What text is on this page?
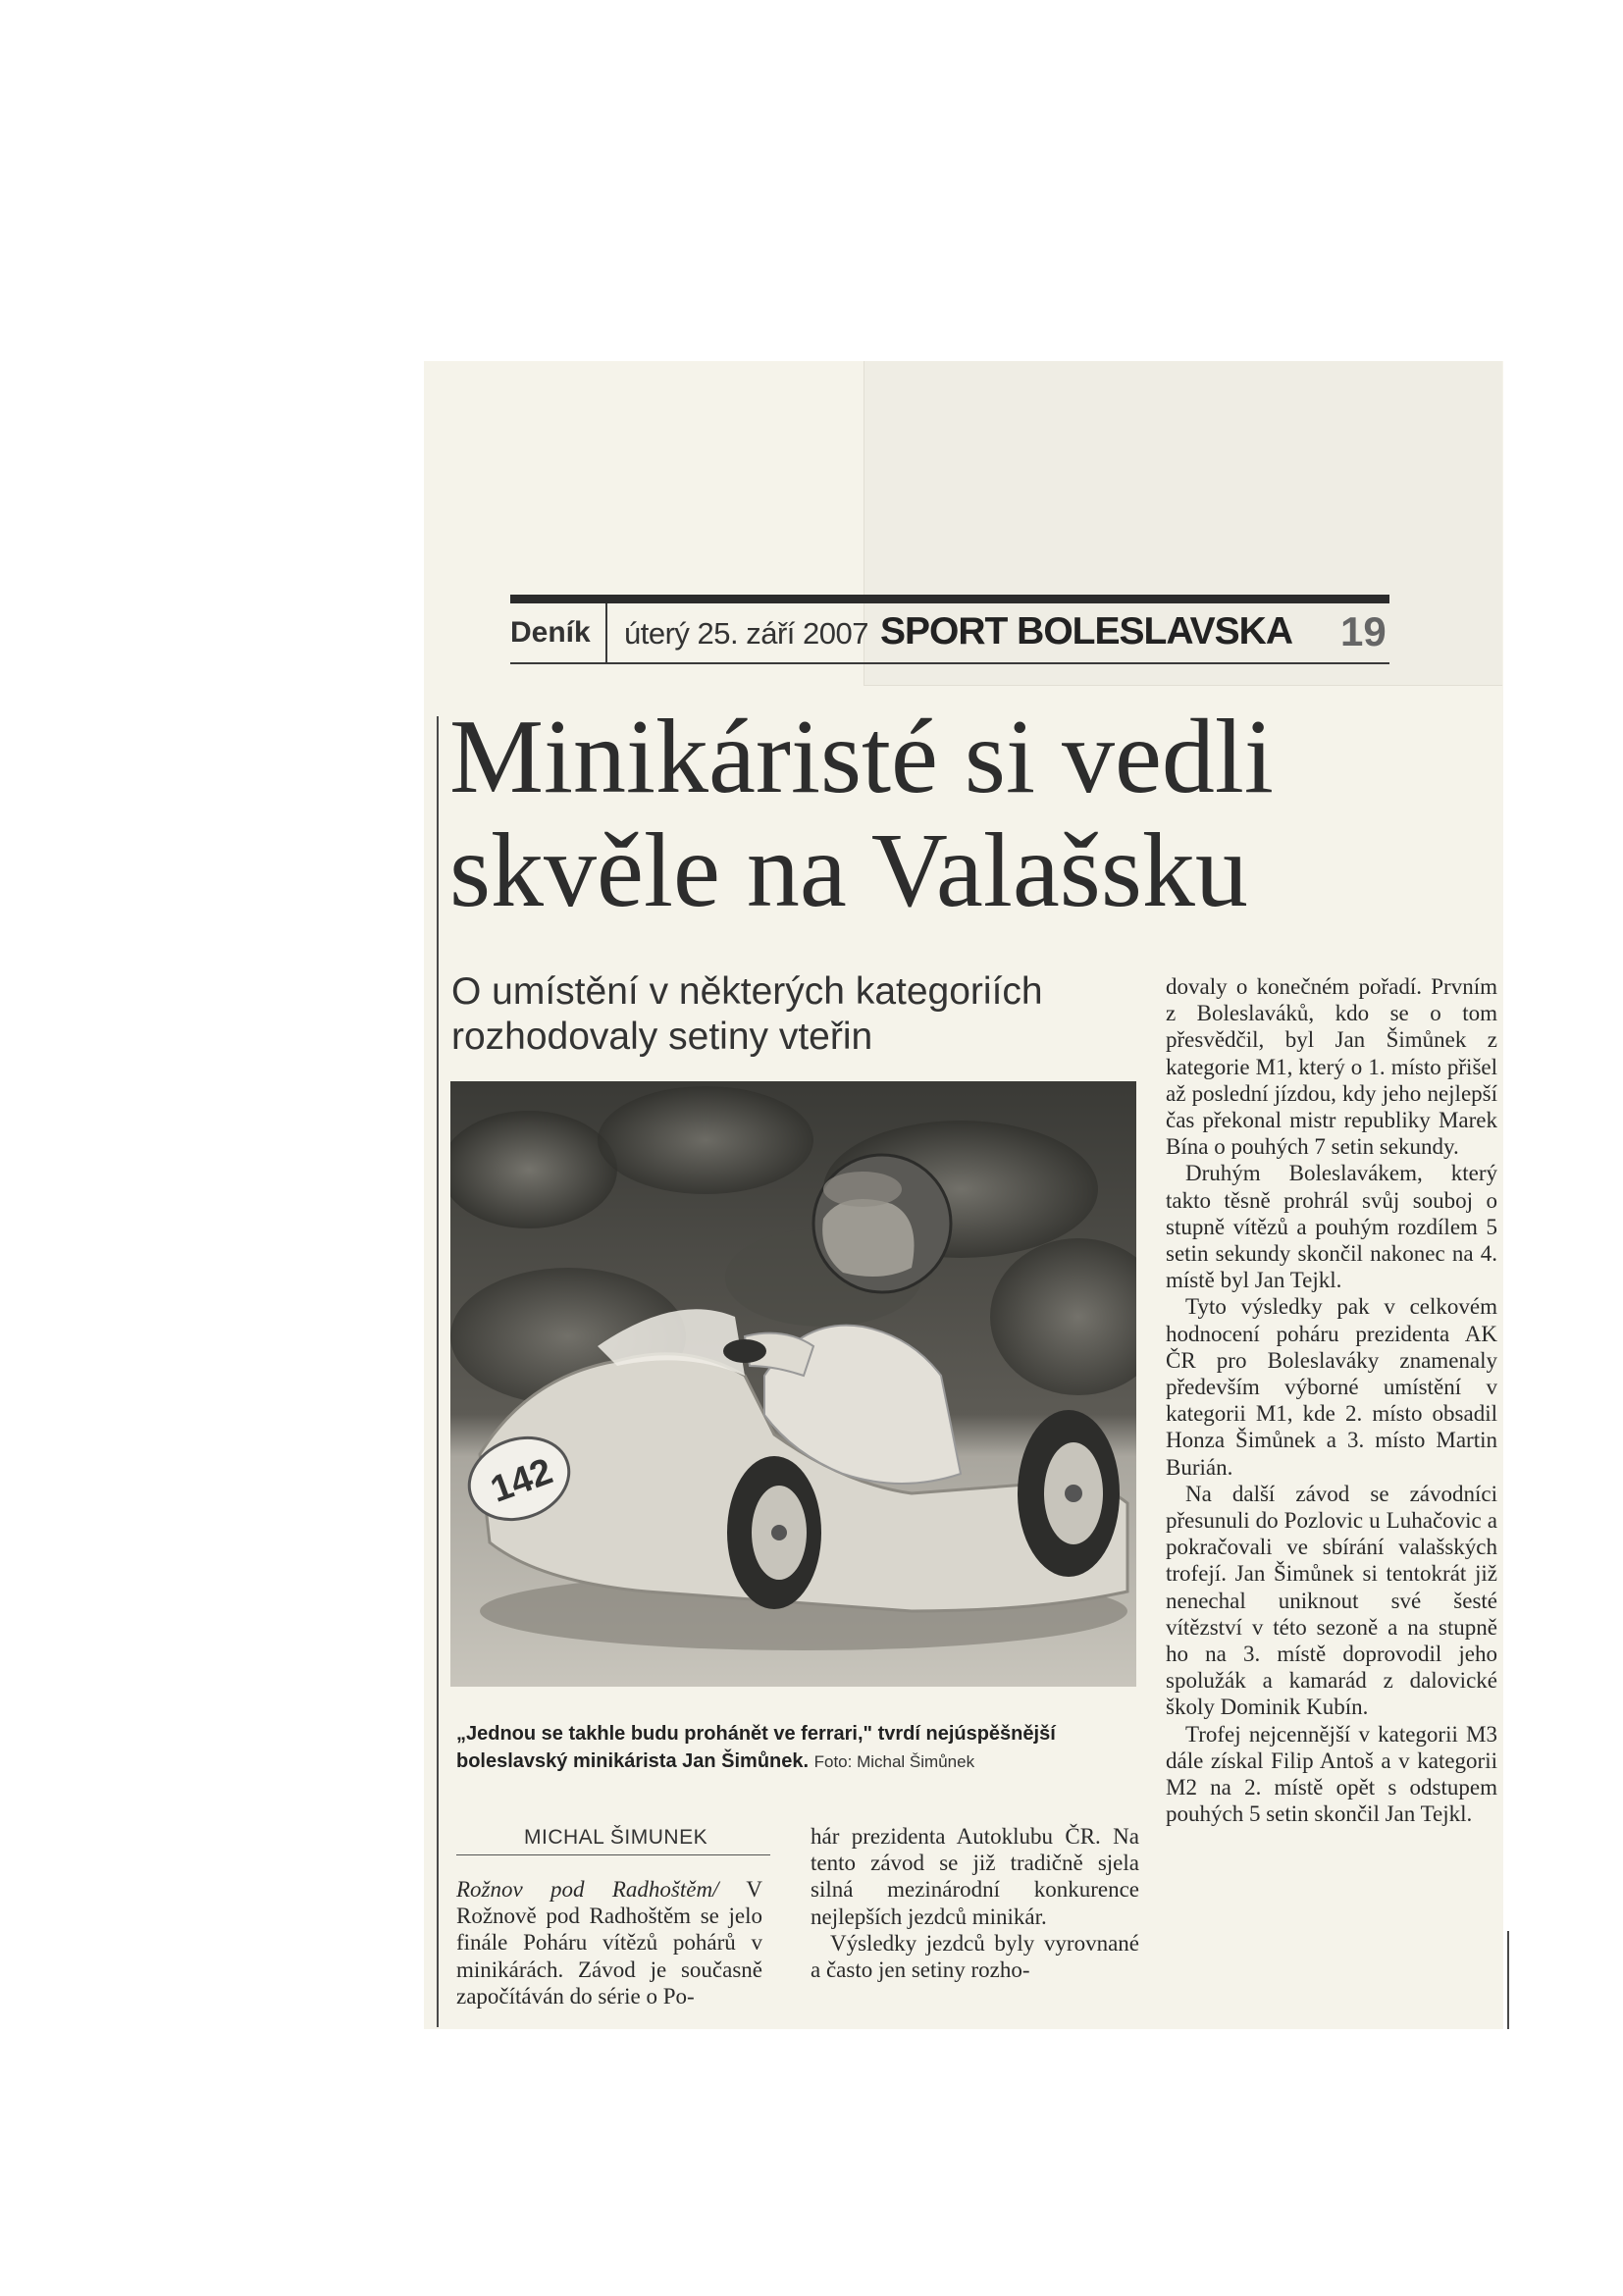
Deník úterý 25. září 2007 SPORT BOLESLAVSKA 19
Minikáristé si vedli
skvěle na Valašsku

O umístění v některých kategoriích
rozhodovaly setiny vteřin

142
„Jednou se takhle budu prohánět ve ferrari," tvrdí nejúspěšnější boleslavský minikárista Jan Šimůnek. Foto: Michal Šimůnek
MICHAL ŠIMUNEK

Rožnov pod Radhoštěm/ V Rožnově pod Radhoštěm se jelo finále Poháru vítězů pohárů v minikárách. Závod je současně započítáván do série o Po-

hár prezidenta Autoklubu ČR. Na tento závod se již tradičně sjela silná mezinárodní konkurence nejlepších jezdců minikár.

Výsledky jezdců byly vyrovnané a často jen setiny rozho-

dovaly o konečném pořadí. Prvním z Boleslaváků, kdo se o tom přesvědčil, byl Jan Šimůnek z kategorie M1, který o 1. místo přišel až poslední jízdou, kdy jeho nejlepší čas překonal mistr republiky Marek Bína o pouhých 7 setin sekundy.

Druhým Boleslavákem, který takto těsně prohrál svůj souboj o stupně vítězů a pouhým rozdílem 5 setin sekundy skončil nakonec na 4. místě byl Jan Tejkl.

Tyto výsledky pak v celkovém hodnocení poháru prezidenta AK ČR pro Boleslaváky znamenaly především výborné umístění v kategorii M1, kde 2. místo obsadil Honza Šimůnek a 3. místo Martin Burián.

Na další závod se závodníci přesunuli do Pozlovic u Luhačovic a pokračovali ve sbírání valašských trofejí. Jan Šimůnek si tentokrát již nenechal uniknout své šesté vítězství v této sezoně a na stupně ho na 3. místě doprovodil jeho spolužák a kamarád z dalovické školy Dominik Kubín.

Trofej nejcennější v kategorii M3 dále získal Filip Antoš a v kategorii M2 na 2. místě opět s odstupem pouhých 5 setin skončil Jan Tejkl.
